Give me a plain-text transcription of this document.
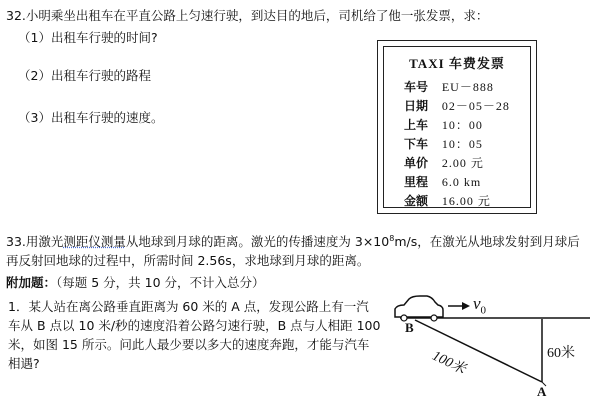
32.小明乘坐出租车在平直公路上匀速行驶，到达目的地后，司机给了他一张发票，求：
（1）出租车行驶的时间?
（2）出租车行驶的路程
（3）出租车行驶的速度。
TAXI 车费发票
车号 EU－888
日期 02－05－28
上车 10：00
下车 10：05
单价 2.00 元
里程 6.0 km
金额 16.00 元
33.用激光测距仪测量从地球到月球的距离。激光的传播速度为 $3\times 10^8m/s$，在激光从地球发射到月球后
再反射回地球的过程中，所需时间 2.56s，求地球到月球的距离。
附加题：（每题 5 分，共 10 分，不计入总分）
1．某人站在离公路垂直距离为 60 米的 A 点，发现公路上有一汽
车从 B 点以 10 米/秒的速度沿着公路匀速行驶，B 点与人相距 100
米，如图 15 所示。问此人最少要以多大的速度奔跑，才能与汽车
相遇?
B
A
$v_0$
100米	60米
